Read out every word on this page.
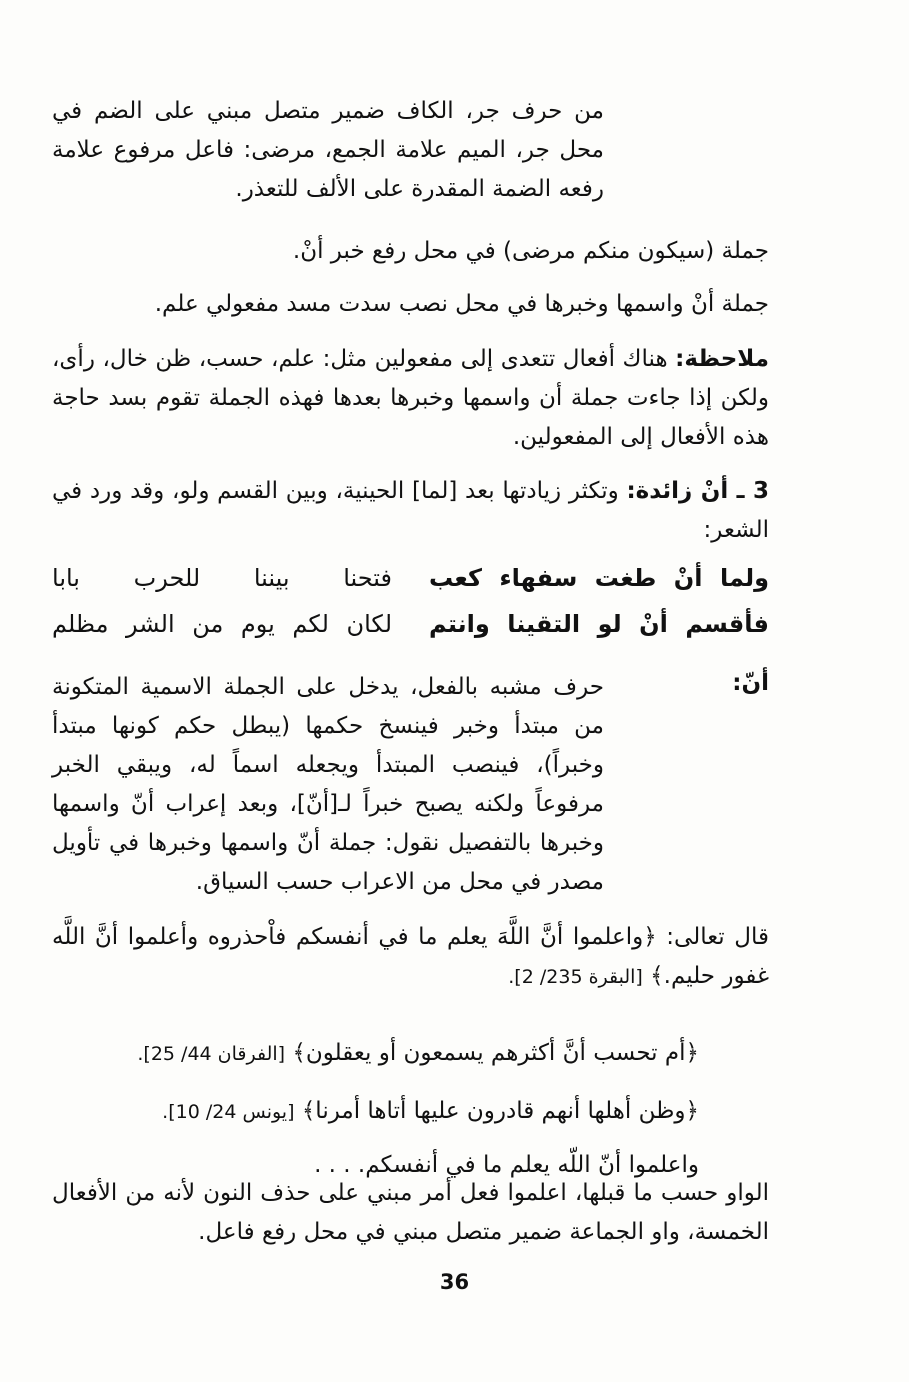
من حرف جر، الكاف ضمير متصل مبني على الضم في محل جر، الميم علامة الجمع، مرضى: فاعل مرفوع علامة رفعه الضمة المقدرة على الألف للتعذر.

جملة (سيكون منكم مرضى) في محل رفع خبر أنْ.

جملة أنْ واسمها وخبرها في محل نصب سدت مسد مفعولي علم.

ملاحظة: هناك أفعال تتعدى إلى مفعولين مثل: علم، حسب، ظن خال، رأى، ولكن إذا جاءت جملة أن واسمها وخبرها بعدها فهذه الجملة تقوم بسد حاجة هذه الأفعال إلى المفعولين.

3 ـ أنْ زائدة: وتكثر زيادتها بعد [لما] الحينية، وبين القسم ولو، وقد ورد في الشعر:

ولما أنْ طغت سفهاء كعب
فتحنا بيننا للحرب بابا
فأقسم أنْ لو التقينا وانتم
لكان لكم يوم من الشر مظلم
أنّ:

حرف مشبه بالفعل، يدخل على الجملة الاسمية المتكونة من مبتدأ وخبر فينسخ حكمها (يبطل حكم كونها مبتدأ وخبراً)، فينصب المبتدأ ويجعله اسماً له، ويبقي الخبر مرفوعاً ولكنه يصبح خبراً لـ[أنّ]، وبعد إعراب أنّ واسمها وخبرها بالتفصيل نقول: جملة أنّ واسمها وخبرها في تأويل مصدر في محل من الاعراب حسب السياق.

قال تعالى: ﴿واعلموا أنَّ اللَّهَ يعلم ما في أنفسكم فاْحذروه وأعلموا أنَّ اللَّه غفور حليم.﴾ [البقرة 235/ 2].

﴿أم تحسب أنَّ أكثرهم يسمعون أو يعقلون﴾ [الفرقان 44/ 25].

﴿وظن أهلها أنهم قادرون عليها أتاها أمرنا﴾ [يونس 24/ 10].

واعلموا أنّ اللّه يعلم ما في أنفسكم. . . .

الواو حسب ما قبلها، اعلموا فعل أمر مبني على حذف النون لأنه من الأفعال الخمسة، واو الجماعة ضمير متصل مبني في محل رفع فاعل.

36
